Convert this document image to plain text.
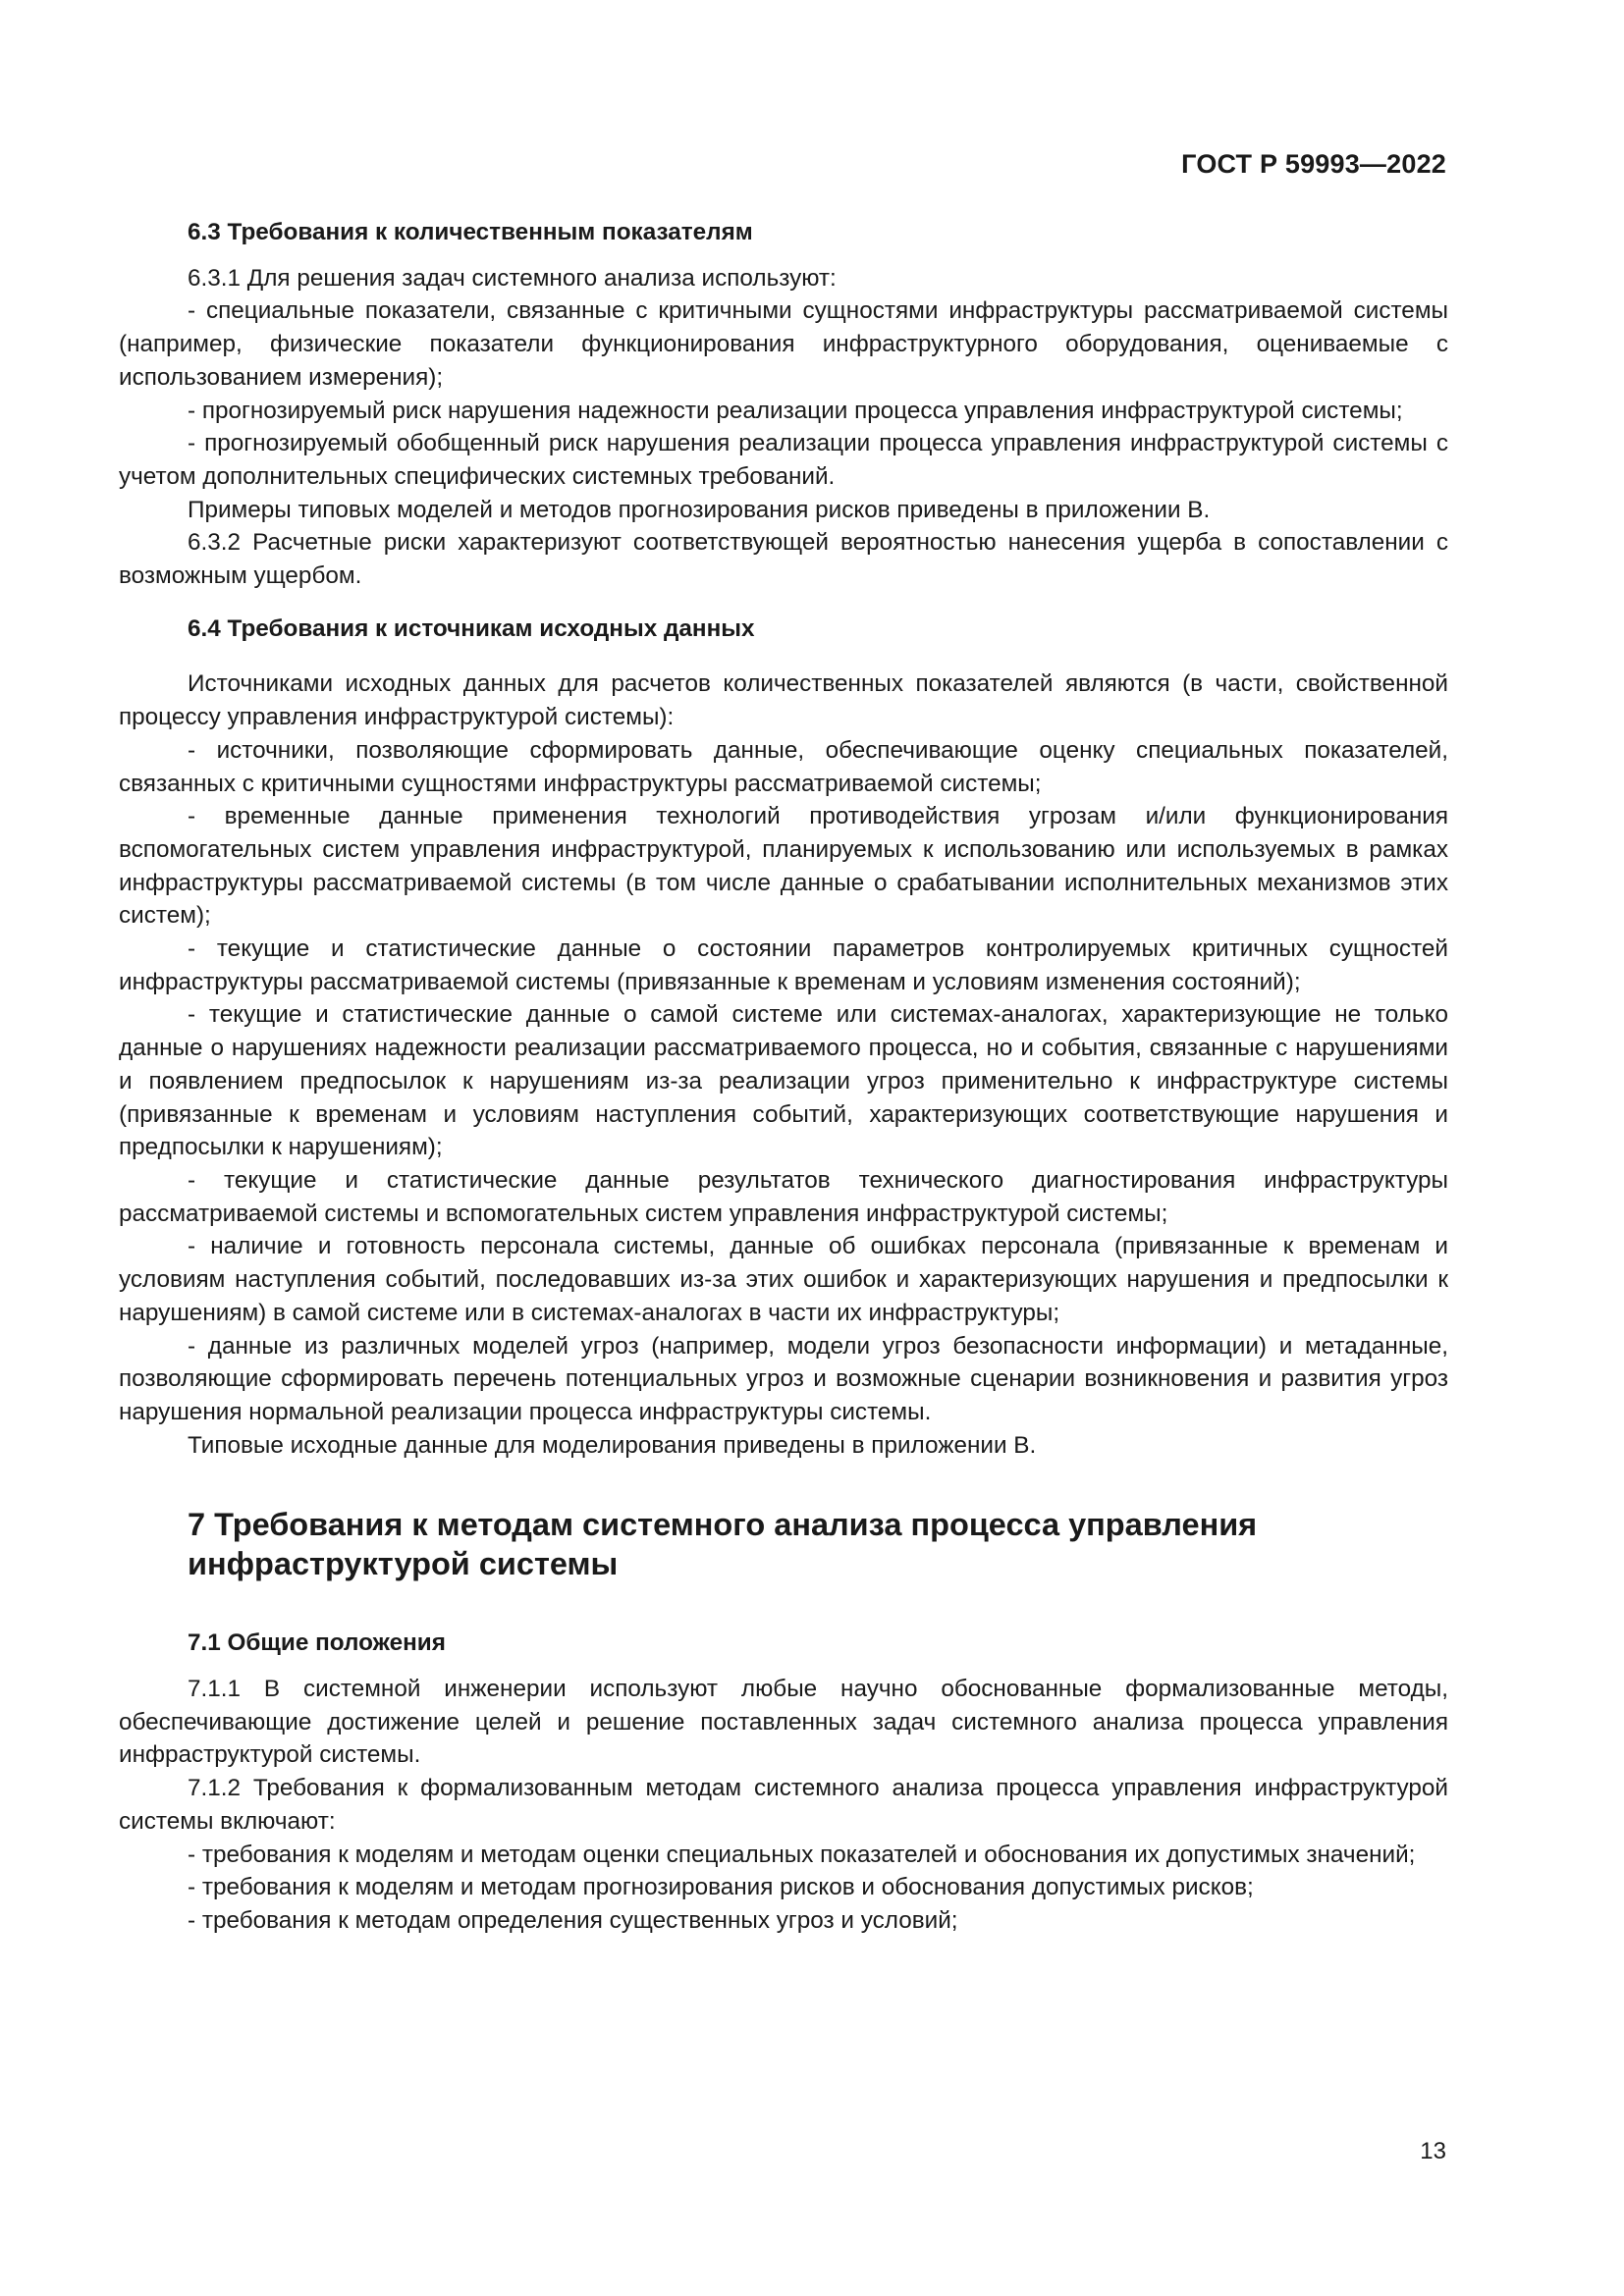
ГОСТ Р 59993—2022
6.3 Требования к количественным показателям

6.3.1 Для решения задач системного анализа используют:

- специальные показатели, связанные с критичными сущностями инфраструктуры рассматриваемой системы (например, физические показатели функционирования инфраструктурного оборудования, оцениваемые с использованием измерения);

- прогнозируемый риск нарушения надежности реализации процесса управления инфраструктурой системы;

- прогнозируемый обобщенный риск нарушения реализации процесса управления инфраструктурой системы с учетом дополнительных специфических системных требований.

Примеры типовых моделей и методов прогнозирования рисков приведены в приложении В.

6.3.2 Расчетные риски характеризуют соответствующей вероятностью нанесения ущерба в сопоставлении с возможным ущербом.

6.4 Требования к источникам исходных данных

Источниками исходных данных для расчетов количественных показателей являются (в части, свойственной процессу управления инфраструктурой системы):

- источники, позволяющие сформировать данные, обеспечивающие оценку специальных показателей, связанных с критичными сущностями инфраструктуры рассматриваемой системы;

- временные данные применения технологий противодействия угрозам и/или функционирования вспомогательных систем управления инфраструктурой, планируемых к использованию или используемых в рамках инфраструктуры рассматриваемой системы (в том числе данные о срабатывании исполнительных механизмов этих систем);

- текущие и статистические данные о состоянии параметров контролируемых критичных сущностей инфраструктуры рассматриваемой системы (привязанные к временам и условиям изменения состояний);

- текущие и статистические данные о самой системе или системах-аналогах, характеризующие не только данные о нарушениях надежности реализации рассматриваемого процесса, но и события, связанные с нарушениями и появлением предпосылок к нарушениям из-за реализации угроз применительно к инфраструктуре системы (привязанные к временам и условиям наступления событий, характеризующих соответствующие нарушения и предпосылки к нарушениям);

- текущие и статистические данные результатов технического диагностирования инфраструктуры рассматриваемой системы и вспомогательных систем управления инфраструктурой системы;

- наличие и готовность персонала системы, данные об ошибках персонала (привязанные к временам и условиям наступления событий, последовавших из-за этих ошибок и характеризующих нарушения и предпосылки к нарушениям) в самой системе или в системах-аналогах в части их инфраструктуры;

- данные из различных моделей угроз (например, модели угроз безопасности информации) и метаданные, позволяющие сформировать перечень потенциальных угроз и возможные сценарии возникновения и развития угроз нарушения нормальной реализации процесса инфраструктуры системы.

Типовые исходные данные для моделирования приведены в приложении В.

7 Требования к методам системного анализа процесса управления
инфраструктурой системы
7.1 Общие положения

7.1.1 В системной инженерии используют любые научно обоснованные формализованные методы, обеспечивающие достижение целей и решение поставленных задач системного анализа процесса управления инфраструктурой системы.

7.1.2 Требования к формализованным методам системного анализа процесса управления инфраструктурой системы включают:

- требования к моделям и методам оценки специальных показателей и обоснования их допустимых значений;

- требования к моделям и методам прогнозирования рисков и обоснования допустимых рисков;

- требования к методам определения существенных угроз и условий;

13
